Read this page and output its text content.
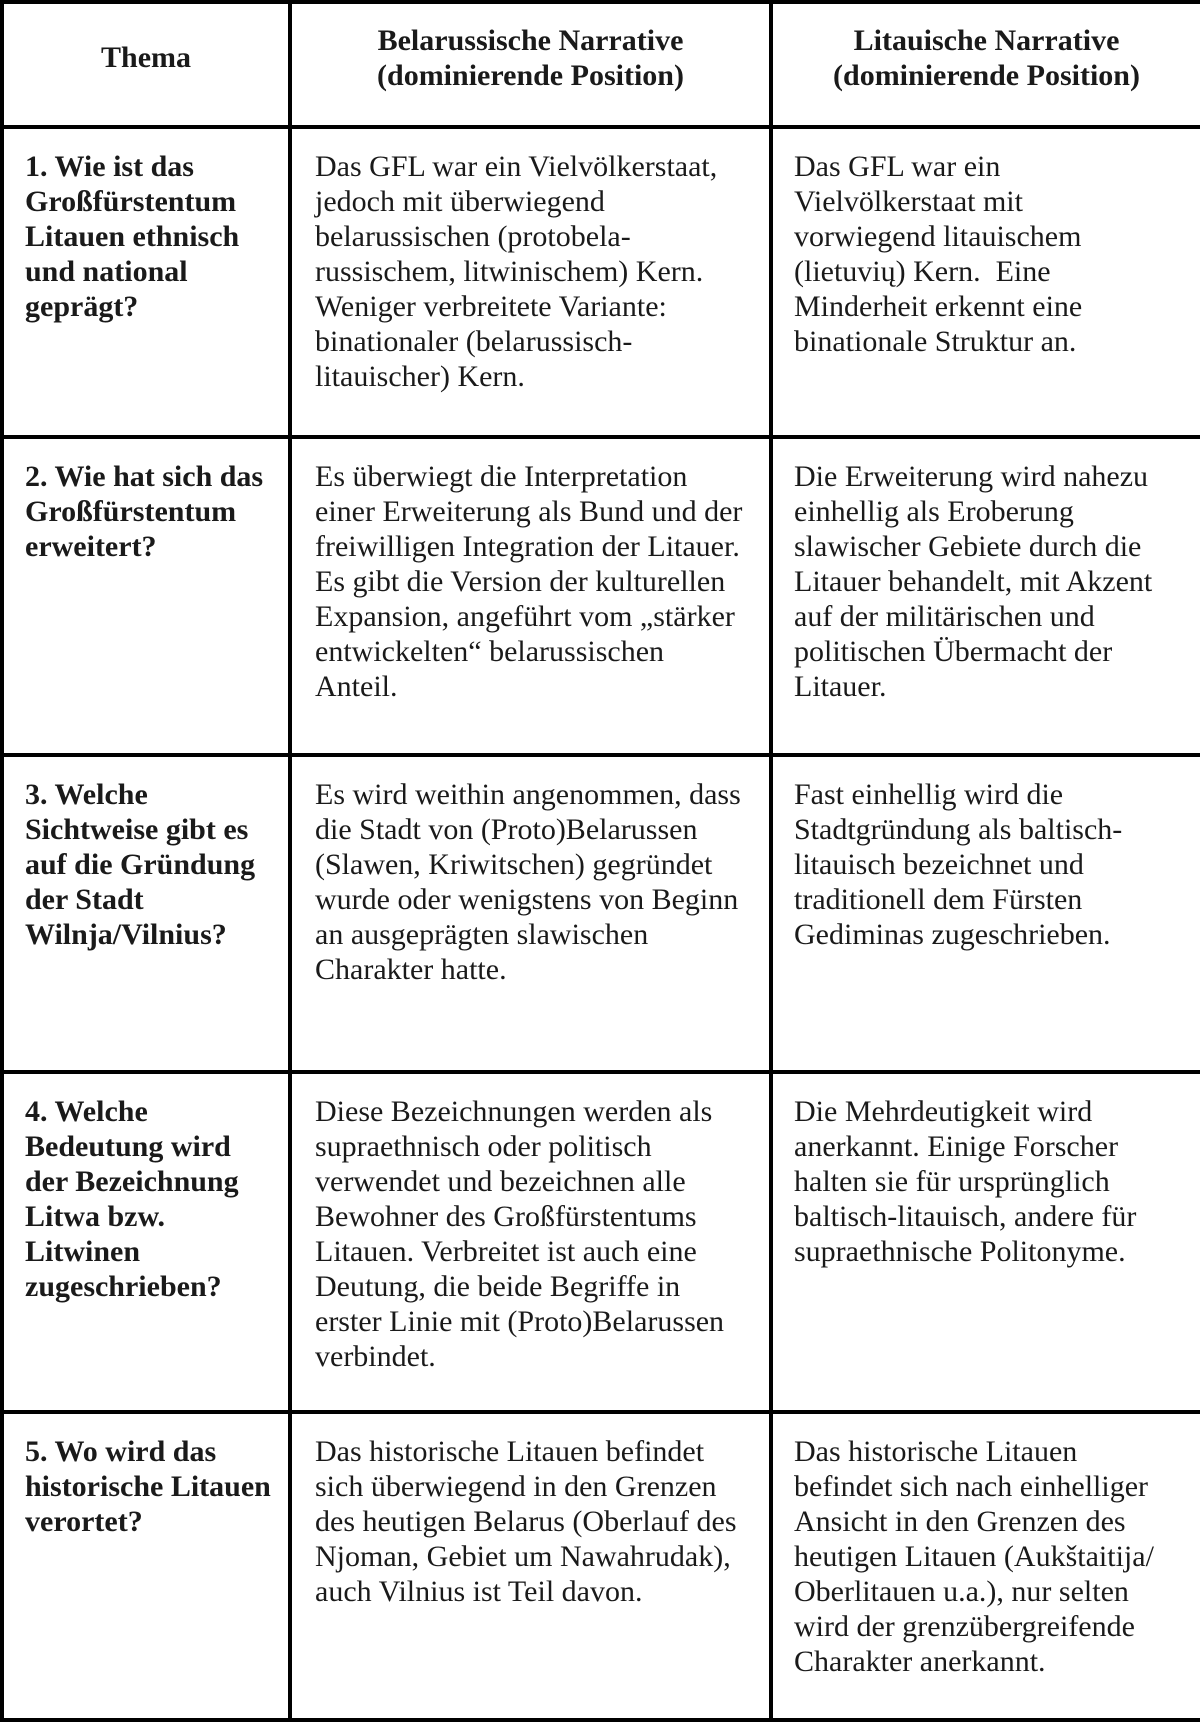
Thema	Belarussische Narrative (dominierende Position)	Litauische Narrative (dominierende Position)
1. Wie ist das Großfürstentum Litauen ethnisch und national geprägt?	Das GFL war ein Vielvölkerstaat, jedoch mit überwiegend belarussischen (protobela-russischem, litwinischem) Kern. Weniger verbreitete Variante: binationaler (belarussisch-litauischer) Kern.	Das GFL war ein Vielvölkerstaat mit vorwiegend litauischem (lietuvių) Kern.  Eine Minderheit erkennt eine binationale Struktur an.
2. Wie hat sich das Großfürstentum erweitert?	Es überwiegt die Interpretation einer Erweiterung als Bund und der freiwilligen Integration der Litauer. Es gibt die Version der kulturellen Expansion, angeführt vom „stärker entwickelten“ belarussischen Anteil.	Die Erweiterung wird nahezu einhellig als Eroberung slawischer Gebiete durch die Litauer behandelt, mit Akzent auf der militärischen und politischen Übermacht der Litauer.
3. Welche Sichtweise gibt es auf die Gründung der Stadt Wilnja/Vilnius?	Es wird weithin angenommen, dass die Stadt von (Proto)Belarussen (Slawen, Kriwitschen) gegründet wurde oder wenigstens von Beginn an ausgeprägten slawischen Charakter hatte.	Fast einhellig wird die Stadtgründung als baltisch-litauisch bezeichnet und traditionell dem Fürsten Gediminas zugeschrieben.
4. Welche Bedeutung wird der Bezeichnung Litwa bzw. Litwinen zugeschrieben?	Diese Bezeichnungen werden als supraethnisch oder politisch verwendet und bezeichnen alle Bewohner des Großfürstentums Litauen. Verbreitet ist auch eine Deutung, die beide Begriffe in erster Linie mit (Proto)Belarussen verbindet.	Die Mehrdeutigkeit wird anerkannt. Einige Forscher halten sie für ursprünglich baltisch-litauisch, andere für supraethnische Politonyme.
5. Wo wird das historische Litauen verortet?	Das historische Litauen befindet sich überwiegend in den Grenzen des heutigen Belarus (Oberlauf des Njoman, Gebiet um Nawahrudak), auch Vilnius ist Teil davon.	Das historische Litauen befindet sich nach einhelliger Ansicht in den Grenzen des heutigen Litauen (Aukštaitija/​Oberlitauen u.a.), nur selten wird der grenzübergreifende Charakter anerkannt.
